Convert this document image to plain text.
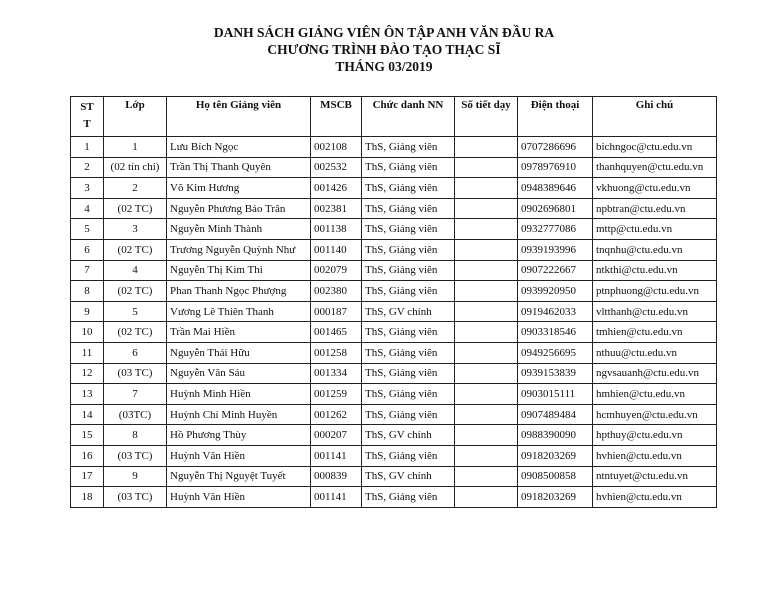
DANH SÁCH GIẢNG VIÊN ÔN TẬP ANH VĂN ĐẦU RA
CHƯƠNG TRÌNH ĐÀO TẠO THẠC SĨ
THÁNG 03/2019
ST
T	Lớp	Họ tên Giảng viên	MSCB	Chức danh NN	Số tiết dạy	Điện thoại	Ghi chú
1	1	Lưu Bích Ngọc	002108	ThS, Giảng viên		0707286696	bichngoc@ctu.edu.vn
2	(02 tín chỉ)	Trần Thị Thanh Quyên	002532	ThS, Giảng viên		0978976910	thanhquyen@ctu.edu.vn
3	2	Võ Kim Hương	001426	ThS, Giảng viên		0948389646	vkhuong@ctu.edu.vn
4	(02 TC)	Nguyễn Phương Bảo Trân	002381	ThS, Giảng viên		0902696801	npbtran@ctu.edu.vn
5	3	Nguyễn Minh Thành	001138	ThS, Giảng viên		0932777086	mttp@ctu.edu.vn
6	(02 TC)	Trương Nguyễn Quỳnh Như	001140	ThS, Giảng viên		0939193996	tnqnhu@ctu.edu.vn
7	4	Nguyễn Thị Kim Thi	002079	ThS, Giảng viên		0907222667	ntkthi@ctu.edu.vn
8	(02 TC)	Phan Thanh Ngọc Phượng	002380	ThS, Giảng viên		0939920950	ptnphuong@ctu.edu.vn
9	5	Vương Lê Thiên Thanh	000187	ThS, GV chính		0919462033	vltthanh@ctu.edu.vn
10	(02 TC)	Trần Mai Hiền	001465	ThS, Giảng viên		0903318546	tmhien@ctu.edu.vn
11	6	Nguyễn Thái Hữu	001258	ThS, Giảng viên		0949256695	nthuu@ctu.edu.vn
12	(03 TC)	Nguyễn Văn Sáu	001334	ThS, Giảng viên		0939153839	ngvsauanh@ctu.edu.vn
13	7	Huỳnh Minh Hiền	001259	ThS, Giảng viên		0903015111	hmhien@ctu.edu.vn
14	(03TC)	Huỳnh Chí Minh Huyền	001262	ThS, Giảng viên		0907489484	hcmhuyen@ctu.edu.vn
15	8	Hồ Phương Thùy	000207	ThS, GV chính		0988390090	hpthuy@ctu.edu.vn
16	(03 TC)	Huỳnh Văn Hiền	001141	ThS, Giảng viên		0918203269	hvhien@ctu.edu.vn
17	9	Nguyễn Thị Nguyệt Tuyết	000839	ThS, GV chính		0908500858	ntntuyet@ctu.edu.vn
18	(03 TC)	Huỳnh Văn Hiền	001141	ThS, Giảng viên		0918203269	hvhien@ctu.edu.vn
